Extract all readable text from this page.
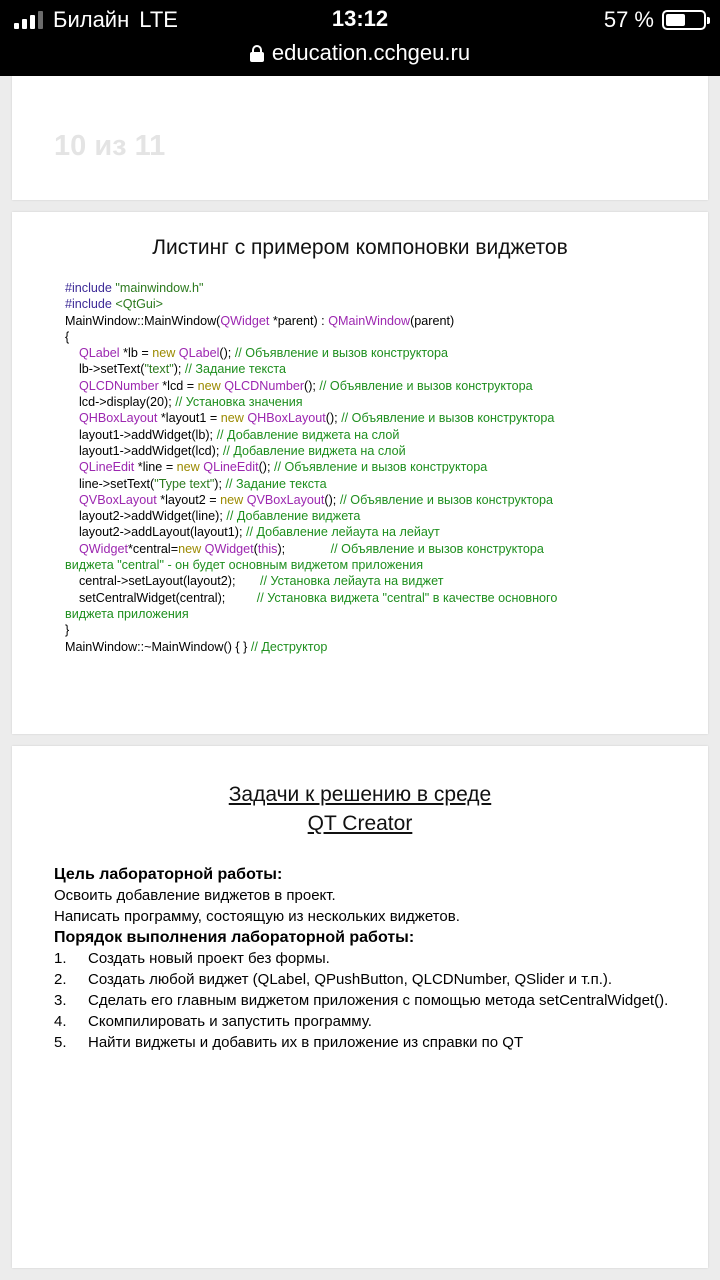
Билайн LTE	13:12	57 %
education.cchgeu.ru
10 из 11
Листинг с примером компоновки виджетов
#include "mainwindow.h"
#include <QtGui>
MainWindow::MainWindow(QWidget *parent) : QMainWindow(parent)
{
QLabel *lb = new QLabel(); // Объявление и вызов конструктора
lb->setText("text"); // Задание текста
QLCDNumber *lcd = new QLCDNumber(); // Объявление и вызов конструктора
lcd->display(20); // Установка значения
QHBoxLayout *layout1 = new QHBoxLayout(); // Объявление и вызов конструктора
layout1->addWidget(lb); // Добавление виджета на слой
layout1->addWidget(lcd); // Добавление виджета на слой
QLineEdit *line = new QLineEdit(); // Объявление и вызов конструктора
line->setText("Type text"); // Задание текста
QVBoxLayout *layout2 = new QVBoxLayout(); // Объявление и вызов конструктора
layout2->addWidget(line); // Добавление виджета
layout2->addLayout(layout1); // Добавление лейаута на лейаут
QWidget*central=new QWidget(this);             // Объявление и вызов конструктора
виджета "central" - он будет основным виджетом приложения
central->setLayout(layout2);       // Установка лейаута на виджет
setCentralWidget(central);         // Установка виджета "central" в качестве основного
виджета приложения
}
MainWindow::~MainWindow() { } // Деструктор
Задачи к решению в среде
QT Creator
Цель лабораторной работы:
Освоить добавление виджетов в проект.
Написать программу, состоящую из нескольких виджетов.
Порядок выполнения лабораторной работы:
1. Создать новый проект без формы.
2. Создать любой виджет (QLabel, QPushButton, QLCDNumber, QSlider и т.п.).
3. Сделать его главным виджетом приложения с помощью метода setCentralWidget().
4. Скомпилировать и запустить программу.
5. Найти виджеты и добавить их в приложение из справки по QT
